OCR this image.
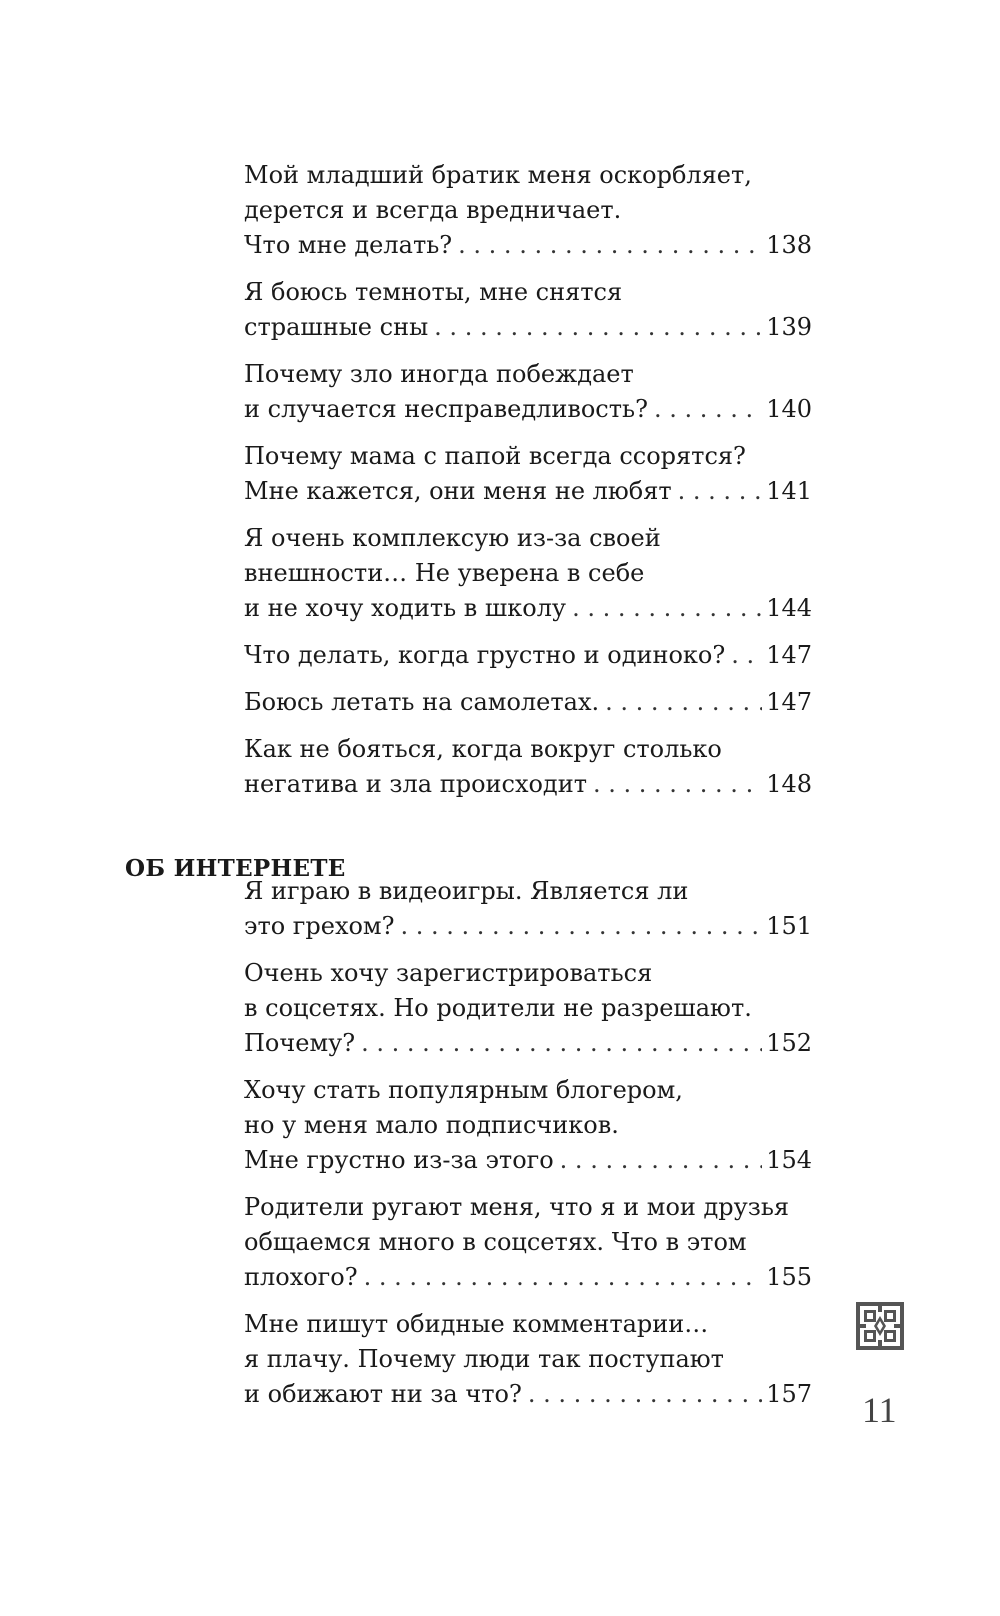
Мой младший братик меня оскорбляет,
дерется и всегда вредничает.
Что мне делать? . . .	138
Я боюсь темноты, мне снятся
страшные сны . . .	139
Почему зло иногда побеждает
и случается несправедливость? . . .	140
Почему мама с папой всегда ссорятся?
Мне кажется, они меня не любят . . .	141
Я очень комплексую из-за своей
внешности… Не уверена в себе
и не хочу ходить в школу . . .	144
Что делать, когда грустно и одиноко? . . . 147
Боюсь летать на самолетах. . . .	147
Как не бояться, когда вокруг столько
негатива и зла происходит . . .	148
ОБ ИНТЕРНЕТЕ
Я играю в видеоигры. Является ли
это грехом? . . .	151
Очень хочу зарегистрироваться
в соцсетях. Но родители не разрешают.
Почему? . . .	152
Хочу стать популярным блогером,
но у меня мало подписчиков.
Мне грустно из-за этого . . .	154
Родители ругают меня, что я и мои друзья
общаемся много в соцсетях. Что в этом
плохого? . . .	155
Мне пишут обидные комментарии…
я плачу. Почему люди так поступают
и обижают ни за что? . . .	157 11
